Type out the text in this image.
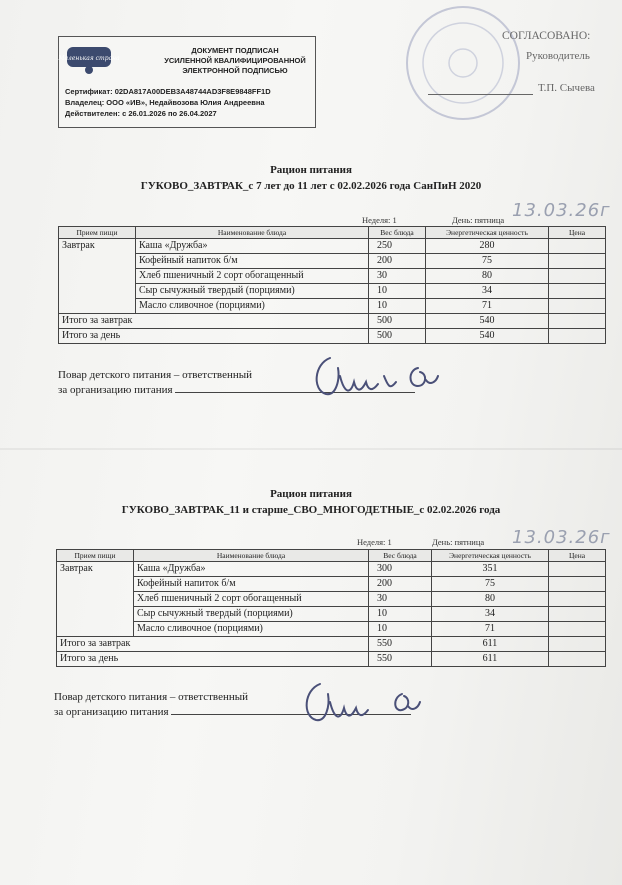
Маленькая страна
ДОКУМЕНТ ПОДПИСАН
УСИЛЕННОЙ КВАЛИФИЦИРОВАННОЙ
ЭЛЕКТРОННОЙ ПОДПИСЬЮ
Сертификат: 02DA817A00DEB3A48744AD3F8E9848FF1D
Владелец: ООО «ИВ», Недайвозова Юлия Андреевна
Действителен: с 26.01.2026 по 26.04.2027
СОГЛАСОВАНО:
Руководитель
Т.П. Сычева
Рацион питания
ГУКОВО_ЗАВТРАК_с 7 лет до 11 лет с 02.02.2026 года СанПиН 2020
Неделя: 1	День: пятница 13.03.26г
Прием пищи	Наименование блюда	Вес блюда	Энергетическая ценность	Цена
Завтрак	Каша «Дружба»	250	280	
	Кофейный напиток б/м	200	75	
	Хлеб пшеничный 2 сорт обогащенный	30	80	
	Сыр сычужный твердый (порциями)	10	34	
	Масло сливочное (порциями)	10	71	
Итого за завтрак		500	540	
Итого за день		500	540	
Повар детского питания – ответственный
за организацию питания
Рацион питания
ГУКОВО_ЗАВТРАК_11 и старше_СВО_МНОГОДЕТНЫЕ_с 02.02.2026 года
Неделя: 1	День: пятница 13.03.26г
Прием пищи	Наименование блюда	Вес блюда	Энергетическая ценность	Цена
Завтрак	Каша «Дружба»	300	351	
	Кофейный напиток б/м	200	75	
	Хлеб пшеничный 2 сорт обогащенный	30	80	
	Сыр сычужный твердый (порциями)	10	34	
	Масло сливочное (порциями)	10	71	
Итого за завтрак		550	611	
Итого за день		550	611	
Повар детского питания – ответственный
за организацию питания
